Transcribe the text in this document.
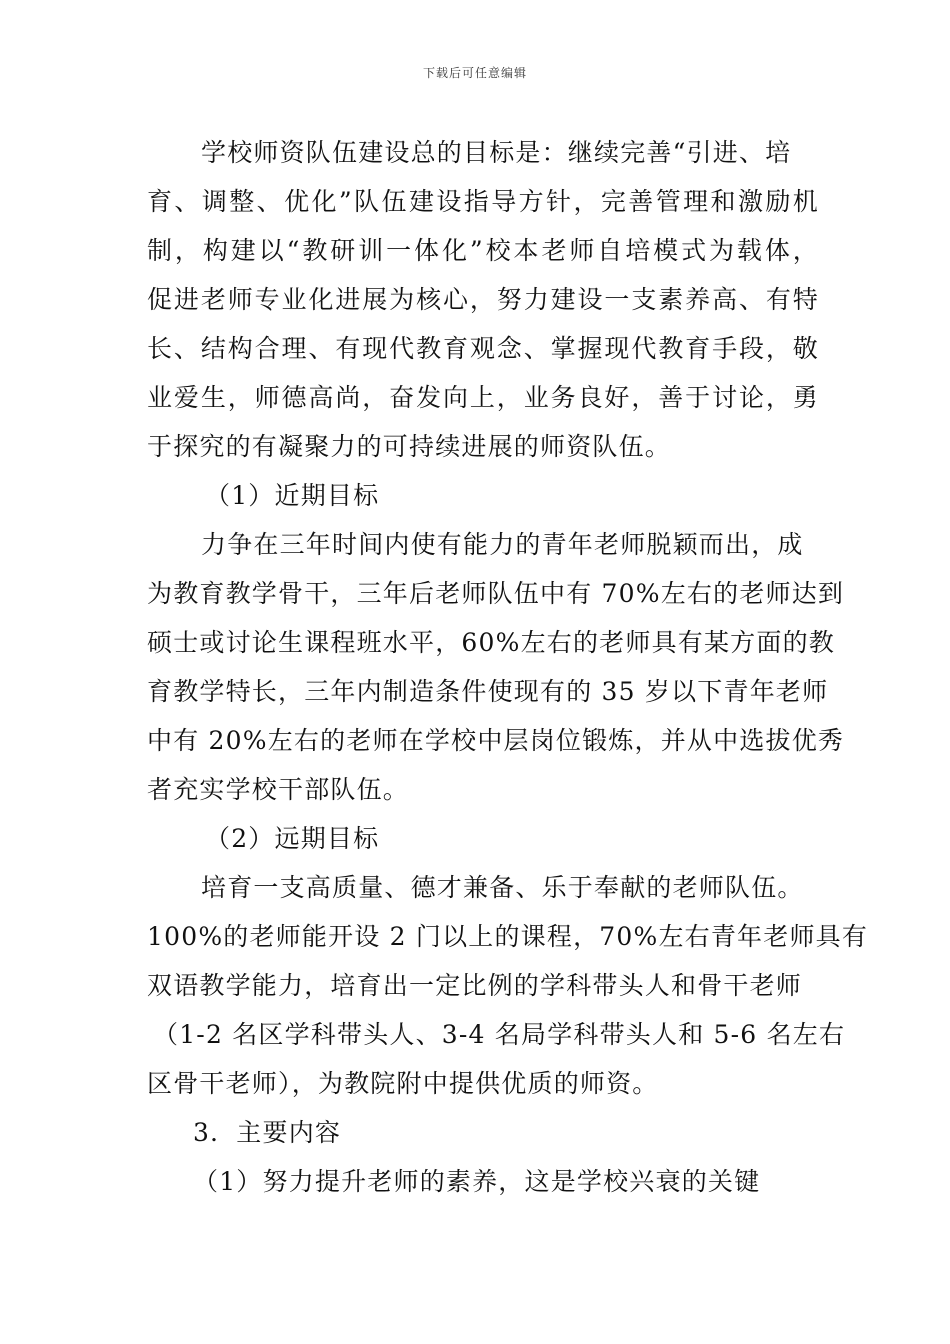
下载后可任意编辑
学校师资队伍建设总的目标是：继续完善“引进、培
育、调整、优化”队伍建设指导方针，完善管理和激励机
制，构建以“教研训一体化”校本老师自培模式为载体，
促进老师专业化进展为核心，努力建设一支素养高、有特
长、结构合理、有现代教育观念、掌握现代教育手段，敬
业爱生，师德高尚，奋发向上，业务良好，善于讨论，勇
于探究的有凝聚力的可持续进展的师资队伍。
（1）近期目标
力争在三年时间内使有能力的青年老师脱颖而出，成
为教育教学骨干，三年后老师队伍中有 70%左右的老师达到
硕士或讨论生课程班水平，60%左右的老师具有某方面的教
育教学特长，三年内制造条件使现有的 35 岁以下青年老师
中有 20%左右的老师在学校中层岗位锻炼，并从中选拔优秀
者充实学校干部队伍。
（2）远期目标
培育一支高质量、德才兼备、乐于奉献的老师队伍。
100%的老师能开设 2 门以上的课程，70%左右青年老师具有
双语教学能力，培育出一定比例的学科带头人和骨干老师
（1-2 名区学科带头人、3-4 名局学科带头人和 5-6 名左右
区骨干老师），为教院附中提供优质的师资。
3．主要内容
（1）努力提升老师的素养，这是学校兴衰的关键
